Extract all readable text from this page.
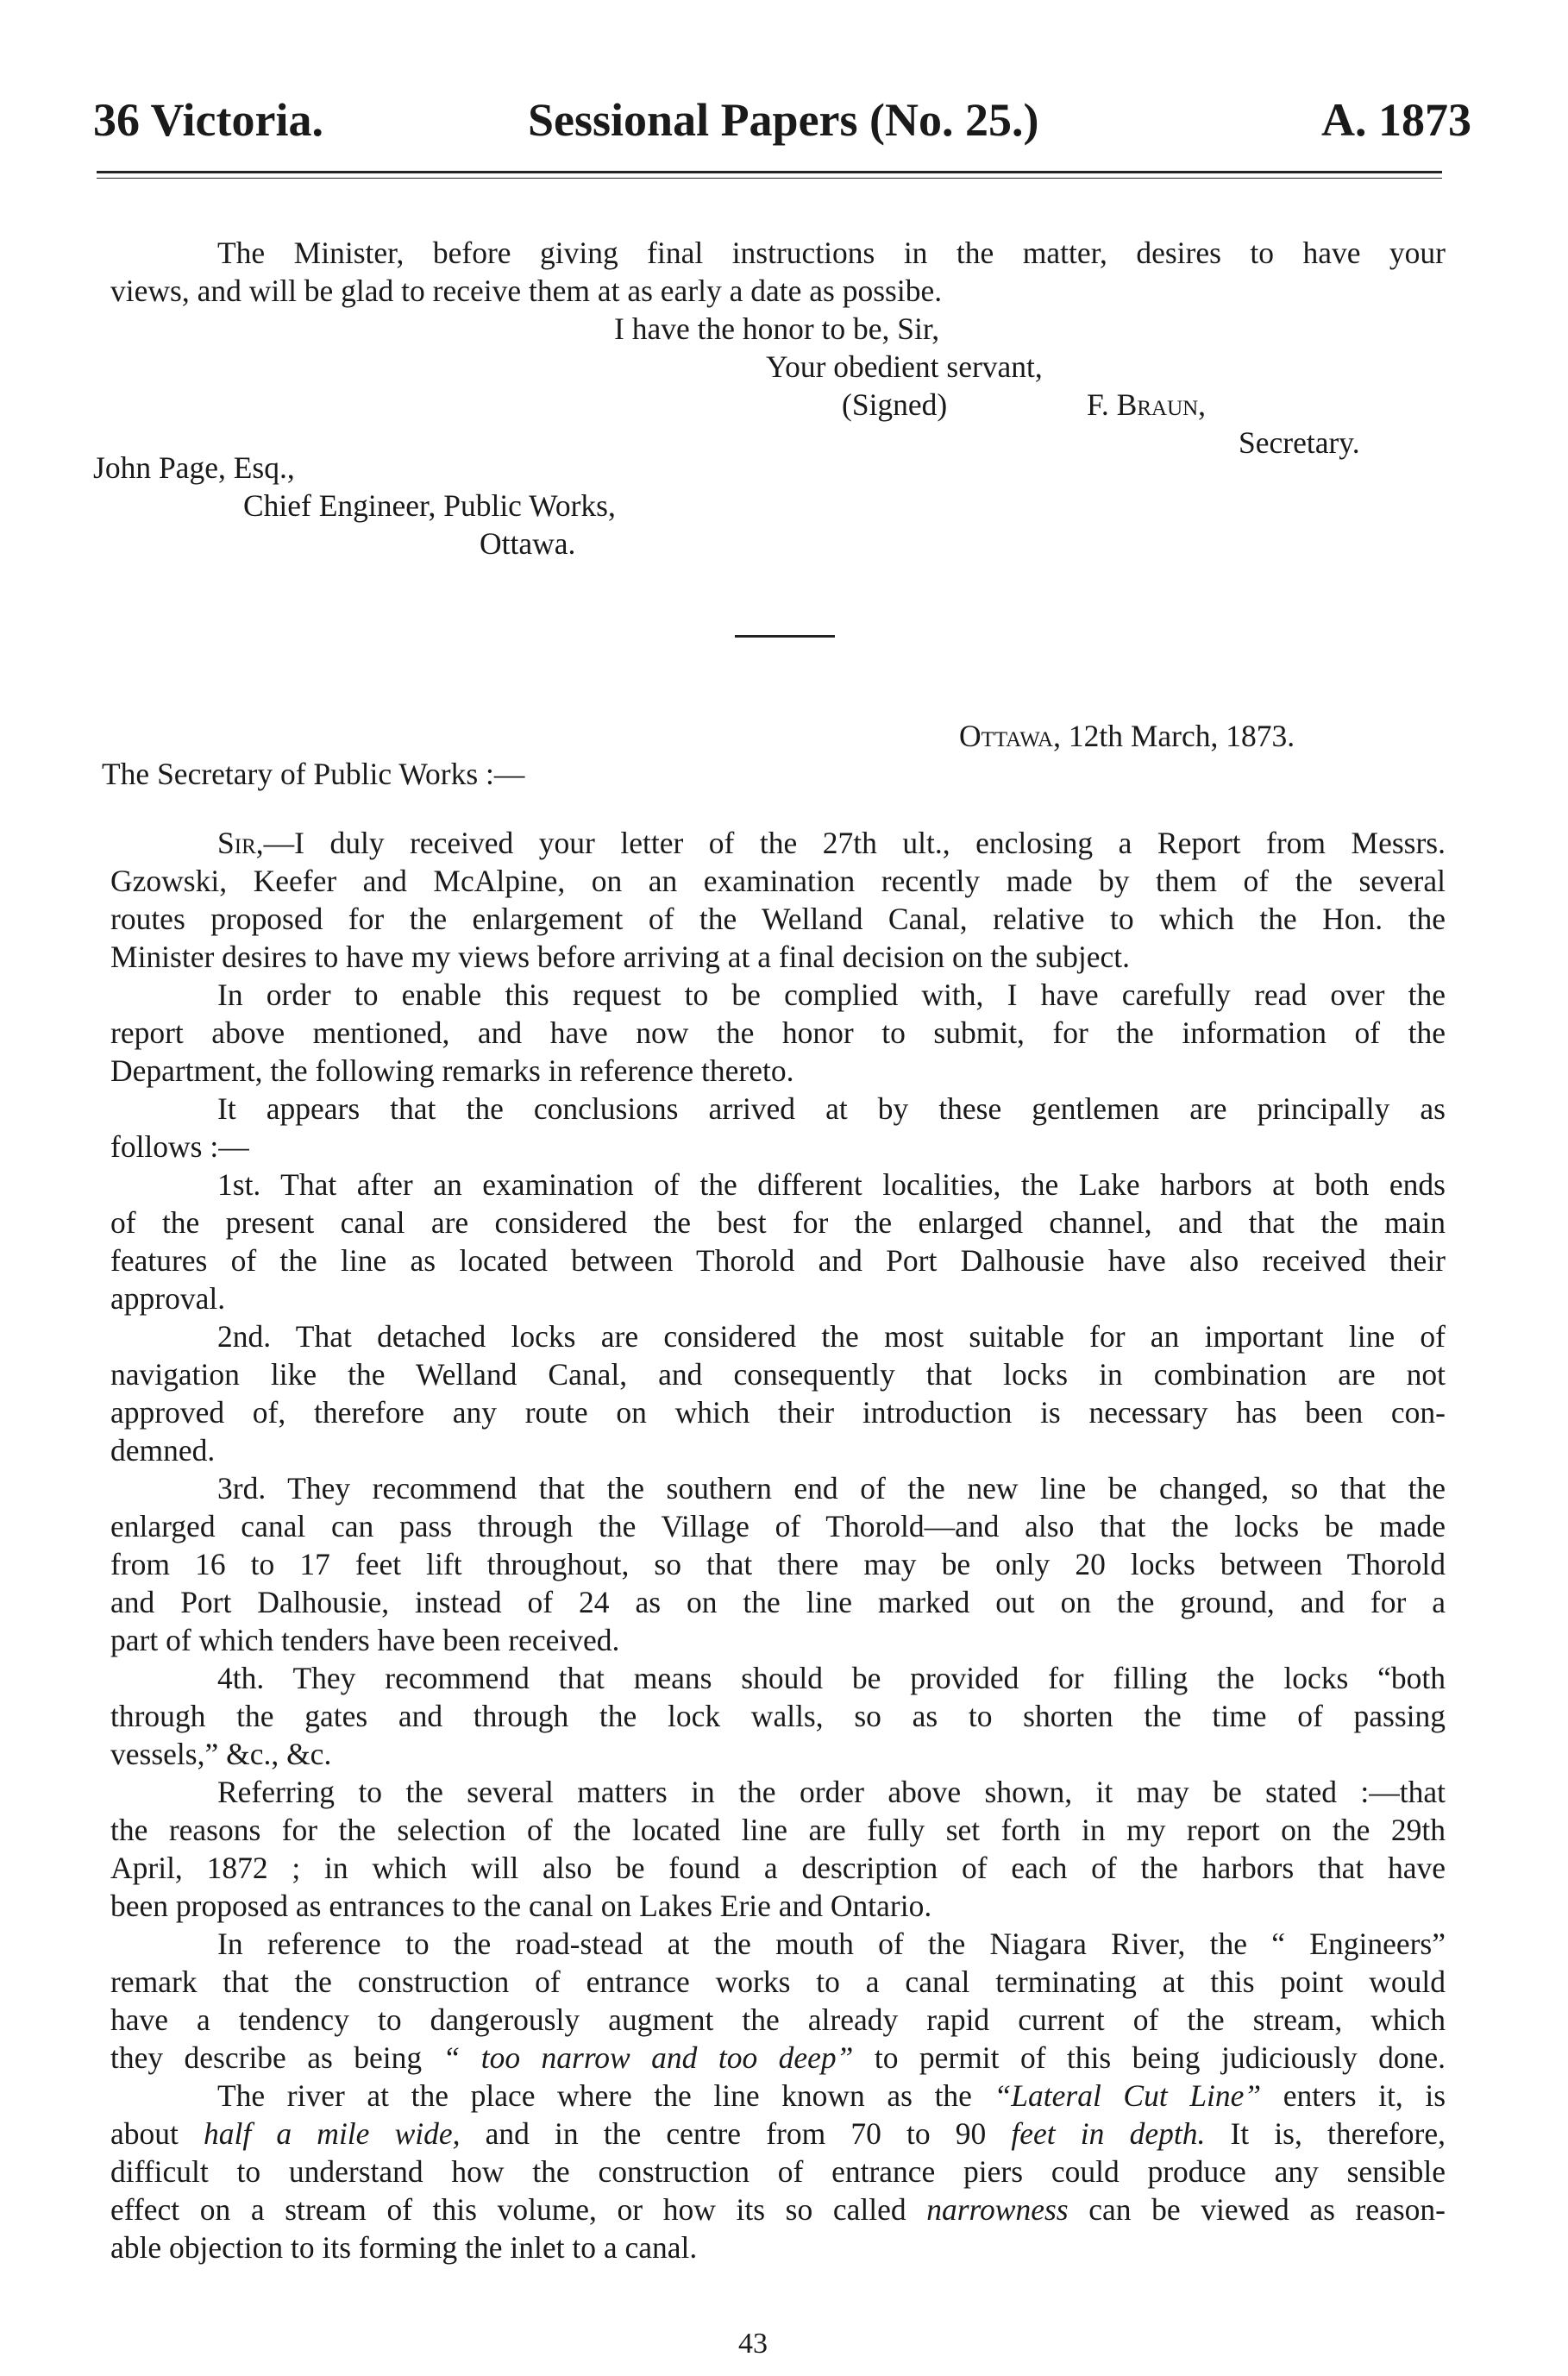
36 Victoria.	Sessional Papers (No. 25.)	A. 1873
The Minister, before giving final instructions in the matter, desires to have your
views, and will be glad to receive them at as early a date as possibe.
I have the honor to be, Sir,
Your obedient servant,
(Signed)	F. Braun,
Secretary.
John Page, Esq.,
Chief Engineer, Public Works,
Ottawa.
Ottawa, 12th March, 1873.
The Secretary of Public Works :—
Sir,—I duly received your letter of the 27th ult., enclosing a Report from Messrs.
Gzowski, Keefer and McAlpine, on an examination recently made by them of the several
routes proposed for the enlargement of the Welland Canal, relative to which the Hon. the
Minister desires to have my views before arriving at a final decision on the subject.
In order to enable this request to be complied with, I have carefully read over the
report above mentioned, and have now the honor to submit, for the information of the
Department, the following remarks in reference thereto.
It appears that the conclusions arrived at by these gentlemen are principally as
follows :—
1st. That after an examination of the different localities, the Lake harbors at both ends
of the present canal are considered the best for the enlarged channel, and that the main
features of the line as located between Thorold and Port Dalhousie have also received their
approval.
2nd. That detached locks are considered the most suitable for an important line of
navigation like the Welland Canal, and consequently that locks in combination are not
approved of, therefore any route on which their introduction is necessary has been con-
demned.
3rd. They recommend that the southern end of the new line be changed, so that the
enlarged canal can pass through the Village of Thorold—and also that the locks be made
from 16 to 17 feet lift throughout, so that there may be only 20 locks between Thorold
and Port Dalhousie, instead of 24 as on the line marked out on the ground, and for a
part of which tenders have been received.
4th. They recommend that means should be provided for filling the locks “both
through the gates and through the lock walls, so as to shorten the time of passing
vessels,” &c., &c.
Referring to the several matters in the order above shown, it may be stated :—that
the reasons for the selection of the located line are fully set forth in my report on the 29th
April, 1872 ; in which will also be found a description of each of the harbors that have
been proposed as entrances to the canal on Lakes Erie and Ontario.
In reference to the road-stead at the mouth of the Niagara River, the “ Engineers”
remark that the construction of entrance works to a canal terminating at this point would
have a tendency to dangerously augment the already rapid current of the stream, which
they describe as being “ too narrow and too deep” to permit of this being judiciously done.
The river at the place where the line known as the “Lateral Cut Line” enters it, is
about half a mile wide, and in the centre from 70 to 90 feet in depth. It is, therefore,
difficult to understand how the construction of entrance piers could produce any sensible
effect on a stream of this volume, or how its so called narrowness can be viewed as reason-
able objection to its forming the inlet to a canal.
43
